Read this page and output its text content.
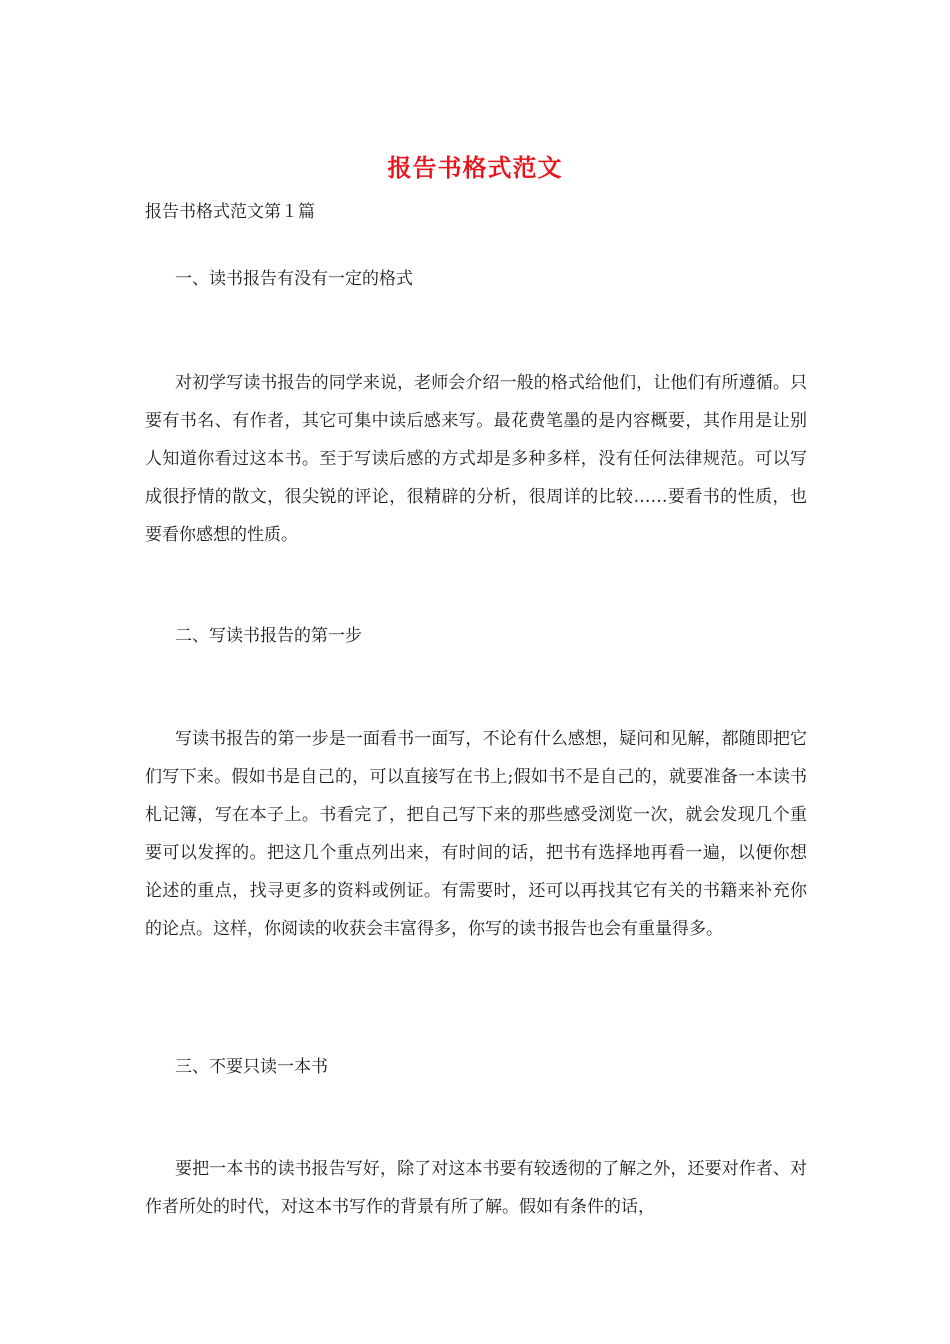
报告书格式范文
报告书格式范文第１篇
一、读书报告有没有一定的格式
对初学写读书报告的同学来说，老师会介绍一般的格式给他们，让他们有所遵循。只要有书名、有作者，其它可集中读后感来写。最花费笔墨的是内容概要，其作用是让别人知道你看过这本书。至于写读后感的方式却是多种多样，没有任何法律规范。可以写成很抒情的散文，很尖锐的评论，很精辟的分析，很周详的比较……要看书的性质，也要看你感想的性质。
二、写读书报告的第一步
写读书报告的第一步是一面看书一面写，不论有什么感想，疑问和见解，都随即把它们写下来。假如书是自己的，可以直接写在书上;假如书不是自己的，就要准备一本读书札记簿，写在本子上。书看完了，把自己写下来的那些感受浏览一次，就会发现几个重要可以发挥的。把这几个重点列出来，有时间的话，把书有选择地再看一遍，以便你想论述的重点，找寻更多的资料或例证。有需要时，还可以再找其它有关的书籍来补充你的论点。这样，你阅读的收获会丰富得多，你写的读书报告也会有重量得多。
三、不要只读一本书
要把一本书的读书报告写好，除了对这本书要有较透彻的了解之外，还要对作者、对作者所处的时代，对这本书写作的背景有所了解。假如有条件的话，
